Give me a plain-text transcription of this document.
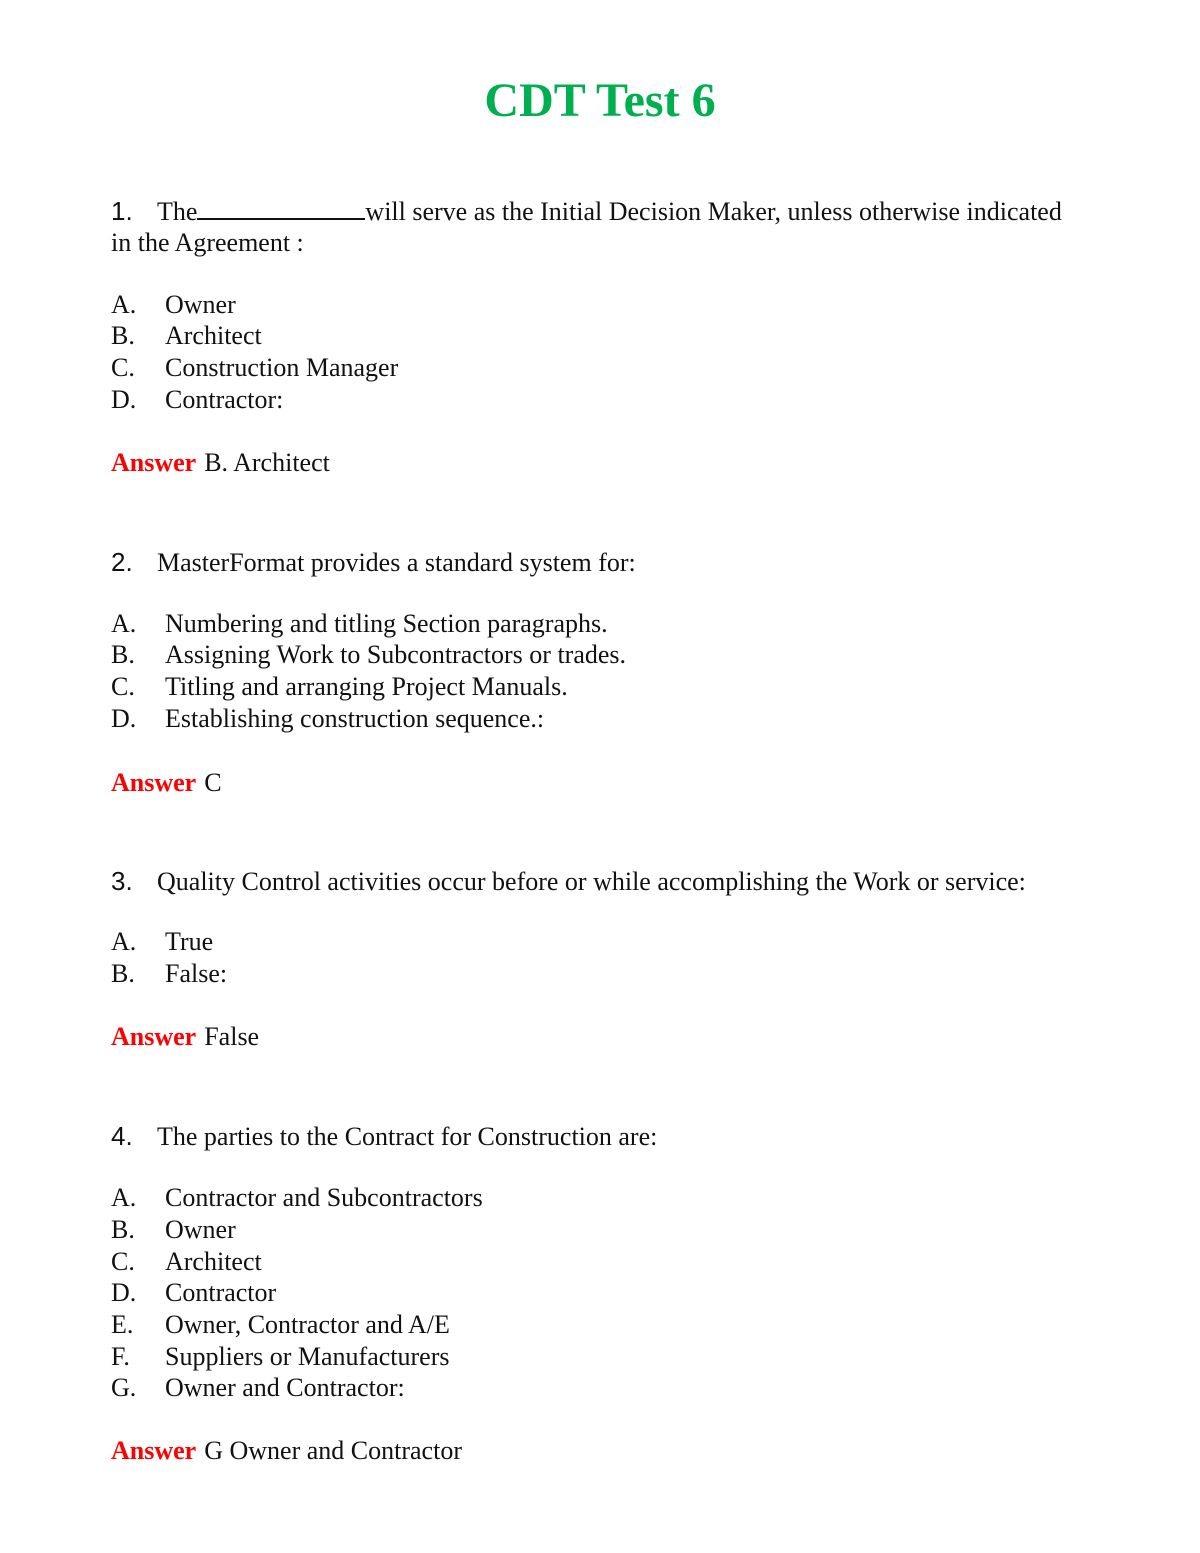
CDT Test 6
1. The	will serve as the Initial Decision Maker, unless otherwise indicated
in the Agreement :
A. Owner
B. Architect
C. Construction Manager
D. Contractor:
Answer B. Architect
2. MasterFormat provides a standard system for:
A. Numbering and titling Section paragraphs.
B. Assigning Work to Subcontractors or trades.
C. Titling and arranging Project Manuals.
D. Establishing construction sequence.:
Answer C
3. Quality Control activities occur before or while accomplishing the Work or service:
A. True
B. False:
Answer False
4. The parties to the Contract for Construction are:
A. Contractor and Subcontractors
B. Owner
C. Architect
D. Contractor
E. Owner, Contractor and A/E
F. Suppliers or Manufacturers
G. Owner and Contractor:
Answer G Owner and Contractor
